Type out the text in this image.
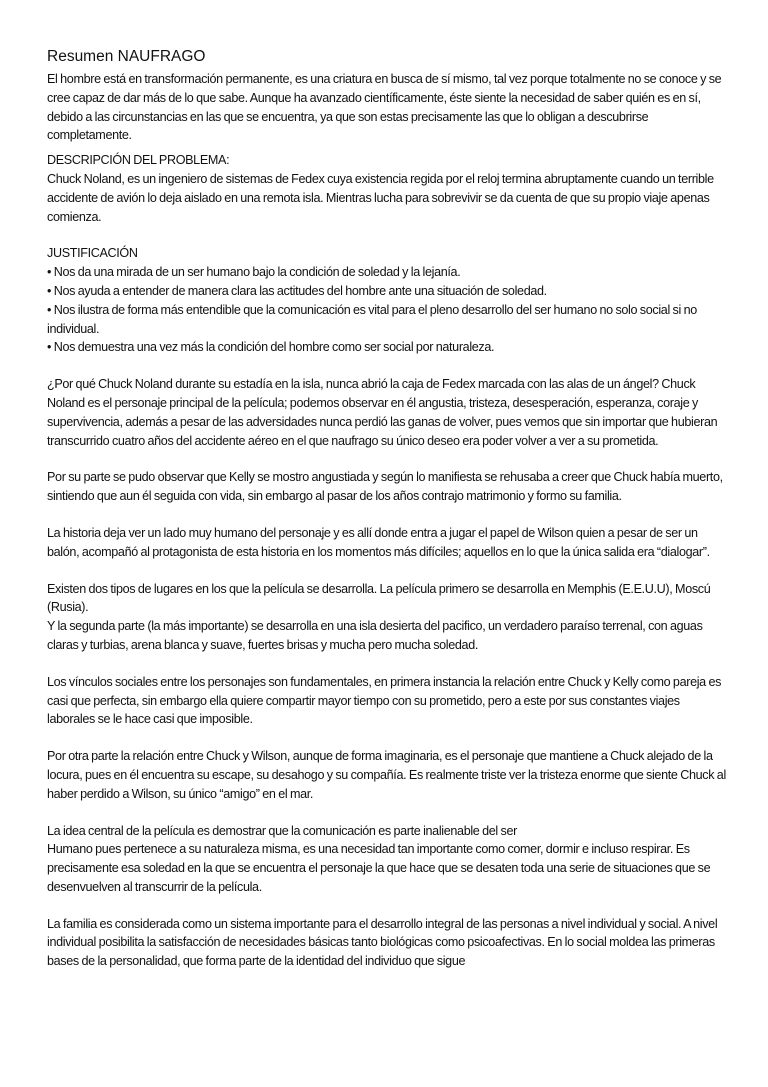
Resumen NAUFRAGO

El hombre está en transformación permanente, es una criatura en busca de sí mismo, tal vez porque totalmente no se conoce y se cree capaz de dar más de lo que sabe. Aunque ha avanzado científicamente, éste siente la necesidad de saber quién es en sí, debido a las circunstancias en las que se encuentra, ya que son estas precisamente las que lo obligan a descubrirse completamente.

DESCRIPCIÓN DEL PROBLEMA:

Chuck Noland, es un ingeniero de sistemas de Fedex cuya existencia regida por el reloj termina abruptamente cuando un terrible accidente de avión lo deja aislado en una remota isla. Mientras lucha para sobrevivir se da cuenta de que su propio viaje apenas comienza.

JUSTIFICACIÓN

• Nos da una mirada de un ser humano bajo la condición de soledad y la lejanía.
• Nos ayuda a entender de manera clara las actitudes del hombre ante una situación de soledad.
• Nos ilustra de forma más entendible que la comunicación es vital para el pleno desarrollo del ser humano no solo social si no individual.
• Nos demuestra una vez más la condición del hombre como ser social por naturaleza.

¿Por qué Chuck Noland durante su estadía en la isla, nunca abrió la caja de Fedex marcada con las alas de un ángel? Chuck Noland es el personaje principal de la película; podemos observar en él angustia, tristeza, desesperación, esperanza, coraje y supervivencia, además a pesar de las adversidades nunca perdió las ganas de volver, pues vemos que sin importar que hubieran transcurrido cuatro años del accidente aéreo en el que naufrago su único deseo era poder volver a ver a su prometida.

Por su parte se pudo observar que Kelly se mostro angustiada y según lo manifiesta se rehusaba a creer que Chuck había muerto, sintiendo que aun él seguida con vida, sin embargo al pasar de los años contrajo matrimonio y formo su familia.

La historia deja ver un lado muy humano del personaje y es allí donde entra a jugar el papel de Wilson quien a pesar de ser un balón, acompañó al protagonista de esta historia en los momentos más difíciles; aquellos en lo que la única salida era “dialogar”.

Existen dos tipos de lugares en los que la película se desarrolla. La película primero se desarrolla en Memphis (E.E.U.U), Moscú (Rusia).

Y la segunda parte (la más importante) se desarrolla en una isla desierta del pacifico, un verdadero paraíso terrenal, con aguas claras y turbias, arena blanca y suave, fuertes brisas y mucha pero mucha soledad.

Los vínculos sociales entre los personajes son fundamentales, en primera instancia la relación entre Chuck y Kelly como pareja es casi que perfecta, sin embargo ella quiere compartir mayor tiempo con su prometido, pero a este por sus constantes viajes laborales se le hace casi que imposible.

Por otra parte la relación entre Chuck y Wilson, aunque de forma imaginaria, es el personaje que mantiene a Chuck alejado de la locura, pues en él encuentra su escape, su desahogo y su compañía. Es realmente triste ver la tristeza enorme que siente Chuck al haber perdido a Wilson, su único “amigo” en el mar.

La idea central de la película es demostrar que la comunicación es parte inalienable del ser

Humano pues pertenece a su naturaleza misma, es una necesidad tan importante como comer, dormir e incluso respirar. Es precisamente esa soledad en la que se encuentra el personaje la que hace que se desaten toda una serie de situaciones que se desenvuelven al transcurrir de la película.

La familia es considerada como un sistema importante para el desarrollo integral de las personas a nivel individual y social. A nivel individual posibilita la satisfacción de necesidades básicas tanto biológicas como psicoafectivas. En lo social moldea las primeras bases de la personalidad, que forma parte de la identidad del individuo que sigue
